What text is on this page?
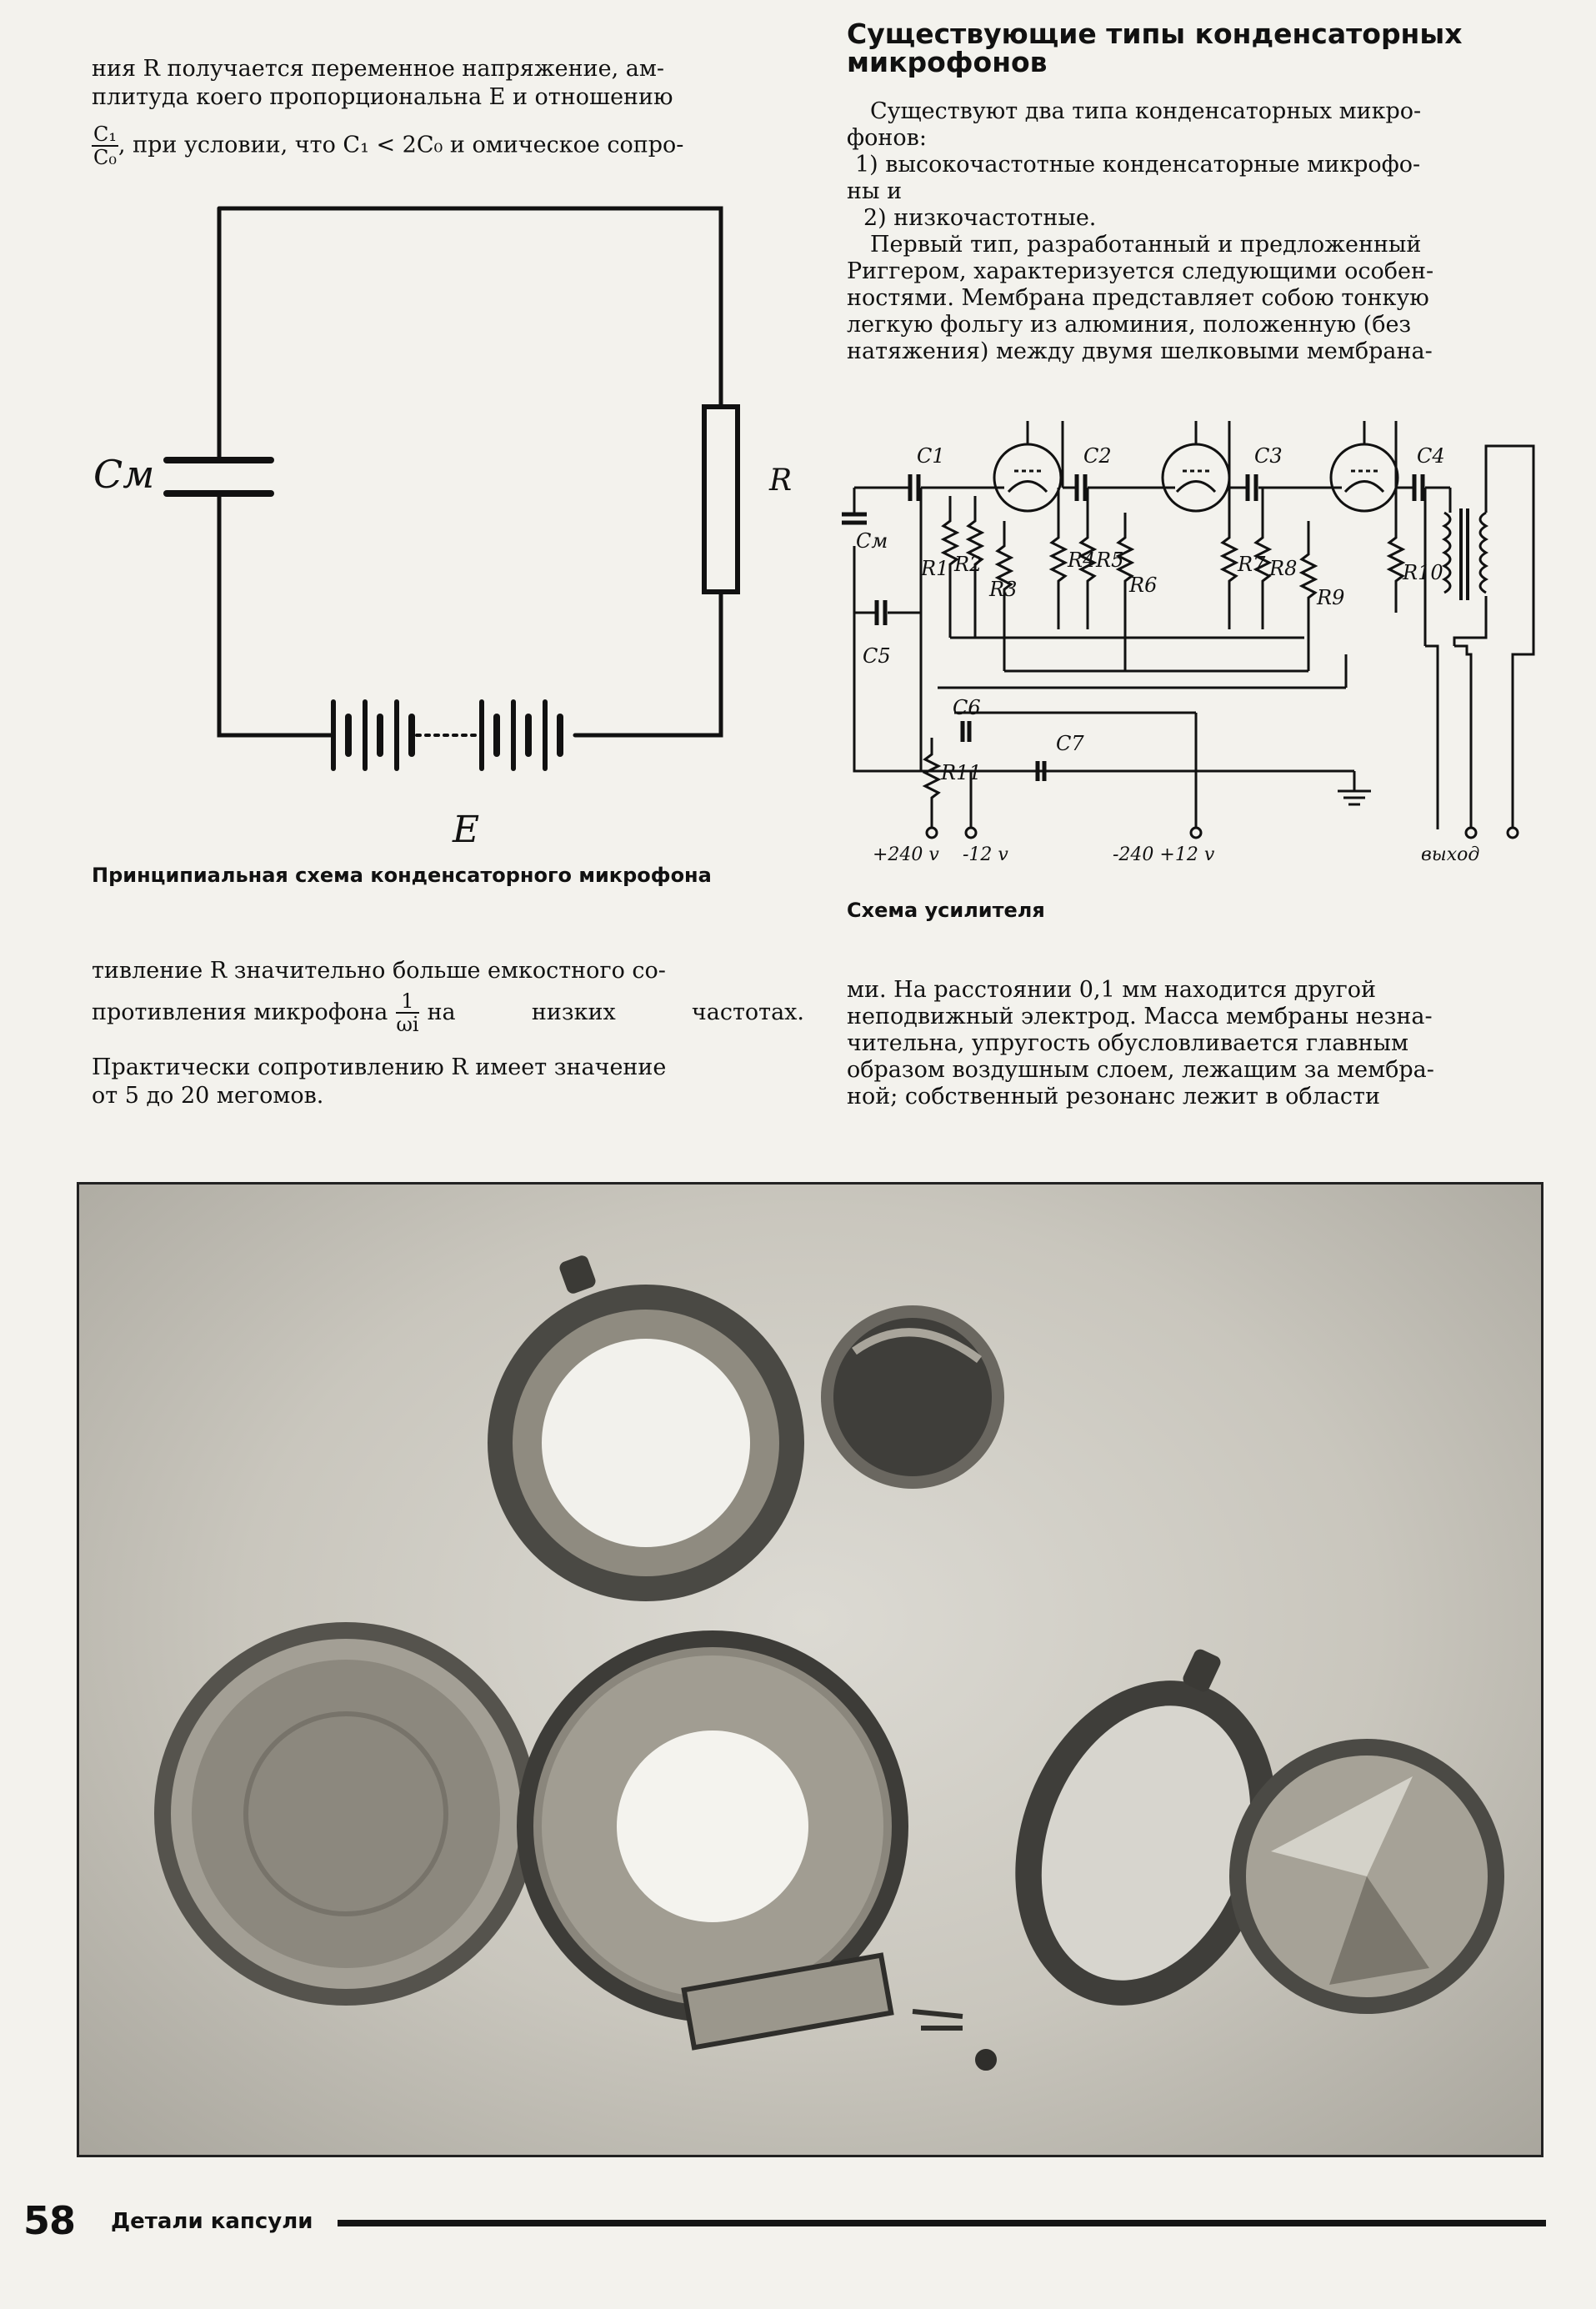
ния R получается переменное напряжение, ам-
плитуда коего пропорциональна E и отношению
$\frac{\text{C₁}}{\text{C₀}}$ , при условии, что C₁ < 2C₀ и омическое сопро-
Cм	R
E
Принципиальная схема конденсаторного микрофона
тивление R значительно больше емкостного со-
противления микрофона $\frac{1}{\omega i}$ на низких частотах.
Практически сопротивлению R имеет значение
от 5 до 20 мегомов.
Существующие типы конденсаторных
микрофонов
Существуют два типа конденсаторных микро-
фонов:
1) высокочастотные конденсаторные микрофо-
ны и
2) низкочастотные.
Первый тип, разработанный и предложенный
Риггером, характеризуется следующими особен-
ностями. Мембрана представляет собою тонкую
легкую фольгу из алюминия, положенную (без
натяжения) между двумя шелковыми мембрана-
C1	C2	C3	C4
Cм
R1 R2
R3
R4 R5
R6
R7 R8
R9
R10
R11
C5
C6
C7
+240 v -12 v	-240 +12 v	выход
Схема усилителя
ми. На расстоянии 0,1 мм находится другой
неподвижный электрод. Масса мембраны незна-
чительна, упругость обусловливается главным
образом воздушным слоем, лежащим за мембра-
ной; собственный резонанс лежит в области
58 Детали капсули
